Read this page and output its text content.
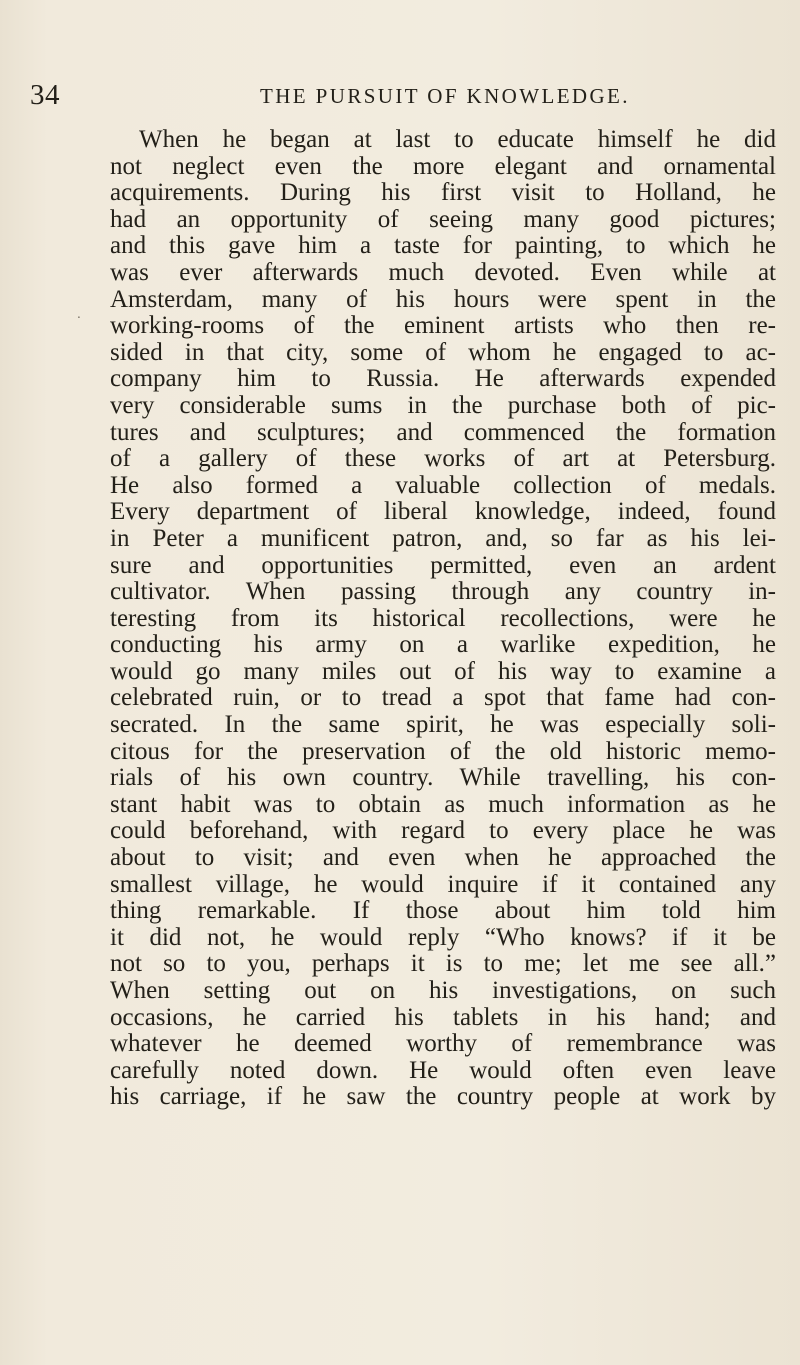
34	THE PURSUIT OF KNOWLEDGE.
.
When he began at last to educate himself he did
not neglect even the more elegant and ornamental
acquirements. During his first visit to Holland, he
had an opportunity of seeing many good pictures;
and this gave him a taste for painting, to which he
was ever afterwards much devoted. Even while at
Amsterdam, many of his hours were spent in the
working-rooms of the eminent artists who then re-
sided in that city, some of whom he engaged to ac-
company him to Russia. He afterwards expended
very considerable sums in the purchase both of pic-
tures and sculptures; and commenced the formation
of a gallery of these works of art at Petersburg.
He also formed a valuable collection of medals.
Every department of liberal knowledge, indeed, found
in Peter a munificent patron, and, so far as his lei-
sure and opportunities permitted, even an ardent
cultivator. When passing through any country in-
teresting from its historical recollections, were he
conducting his army on a warlike expedition, he
would go many miles out of his way to examine a
celebrated ruin, or to tread a spot that fame had con-
secrated. In the same spirit, he was especially soli-
citous for the preservation of the old historic memo-
rials of his own country. While travelling, his con-
stant habit was to obtain as much information as he
could beforehand, with regard to every place he was
about to visit; and even when he approached the
smallest village, he would inquire if it contained any
thing remarkable. If those about him told him
it did not, he would reply “Who knows? if it be
not so to you, perhaps it is to me; let me see all.”
When setting out on his investigations, on such
occasions, he carried his tablets in his hand; and
whatever he deemed worthy of remembrance was
carefully noted down. He would often even leave
his carriage, if he saw the country people at work by
